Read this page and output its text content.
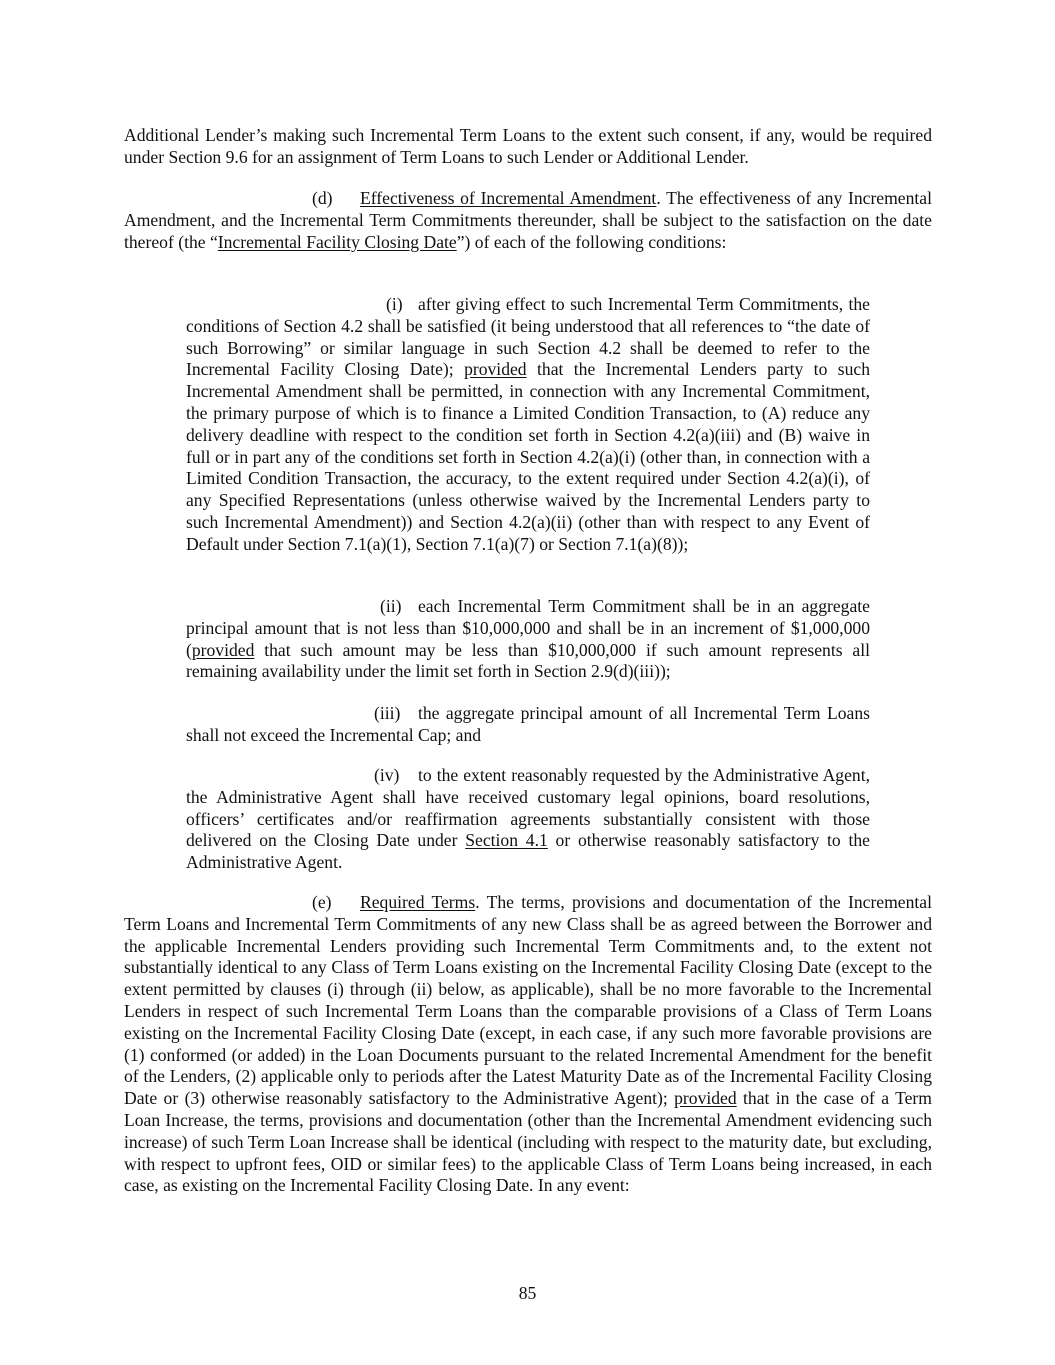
Additional Lender’s making such Incremental Term Loans to the extent such consent, if any, would be required under Section 9.6 for an assignment of Term Loans to such Lender or Additional Lender.

(d) Effectiveness of Incremental Amendment. The effectiveness of any Incremental Amendment, and the Incremental Term Commitments thereunder, shall be subject to the satisfaction on the date thereof (the “Incremental Facility Closing Date”) of each of the following conditions:

(i) after giving effect to such Incremental Term Commitments, the conditions of Section 4.2 shall be satisfied (it being understood that all references to “the date of such Borrowing” or similar language in such Section 4.2 shall be deemed to refer to the Incremental Facility Closing Date); provided that the Incremental Lenders party to such Incremental Amendment shall be permitted, in connection with any Incremental Commitment, the primary purpose of which is to finance a Limited Condition Transaction, to (A) reduce any delivery deadline with respect to the condition set forth in Section 4.2(a)(iii) and (B) waive in full or in part any of the conditions set forth in Section 4.2(a)(i) (other than, in connection with a Limited Condition Transaction, the accuracy, to the extent required under Section 4.2(a)(i), of any Specified Representations (unless otherwise waived by the Incremental Lenders party to such Incremental Amendment)) and Section 4.2(a)(ii) (other than with respect to any Event of Default under Section 7.1(a)(1), Section 7.1(a)(7) or Section 7.1(a)(8));

(ii) each Incremental Term Commitment shall be in an aggregate principal amount that is not less than $10,000,000 and shall be in an increment of $1,000,000 (provided that such amount may be less than $10,000,000 if such amount represents all remaining availability under the limit set forth in Section 2.9(d)(iii));

(iii) the aggregate principal amount of all Incremental Term Loans shall not exceed the Incremental Cap; and

(iv) to the extent reasonably requested by the Administrative Agent, the Administrative Agent shall have received customary legal opinions, board resolutions, officers’ certificates and/or reaffirmation agreements substantially consistent with those delivered on the Closing Date under Section 4.1 or otherwise reasonably satisfactory to the Administrative Agent.

(e) Required Terms. The terms, provisions and documentation of the Incremental Term Loans and Incremental Term Commitments of any new Class shall be as agreed between the Borrower and the applicable Incremental Lenders providing such Incremental Term Commitments and, to the extent not substantially identical to any Class of Term Loans existing on the Incremental Facility Closing Date (except to the extent permitted by clauses (i) through (ii) below, as applicable), shall be no more favorable to the Incremental Lenders in respect of such Incremental Term Loans than the comparable provisions of a Class of Term Loans existing on the Incremental Facility Closing Date (except, in each case, if any such more favorable provisions are (1) conformed (or added) in the Loan Documents pursuant to the related Incremental Amendment for the benefit of the Lenders, (2) applicable only to periods after the Latest Maturity Date as of the Incremental Facility Closing Date or (3) otherwise reasonably satisfactory to the Administrative Agent); provided that in the case of a Term Loan Increase, the terms, provisions and documentation (other than the Incremental Amendment evidencing such increase) of such Term Loan Increase shall be identical (including with respect to the maturity date, but excluding, with respect to upfront fees, OID or similar fees) to the applicable Class of Term Loans being increased, in each case, as existing on the Incremental Facility Closing Date. In any event:

85
